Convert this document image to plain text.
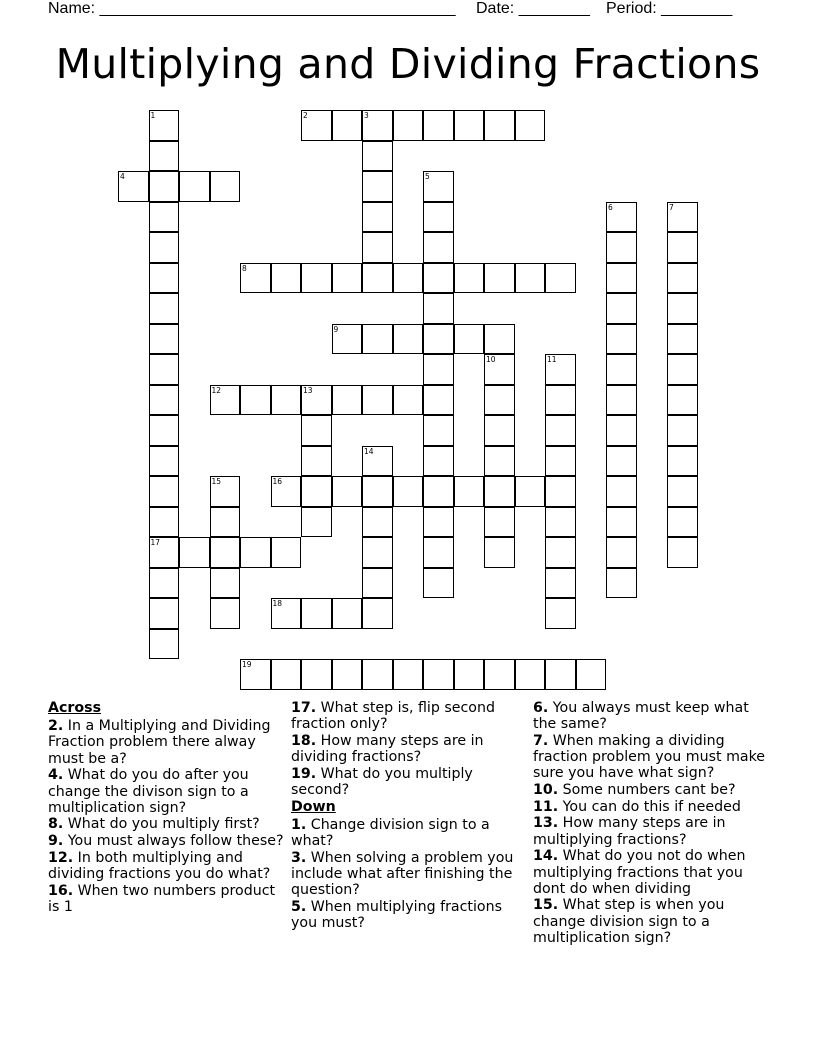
Name: ________________________________________ Date: ________ Period: ________
Multiplying and Dividing Fractions
1	2	3
4	5
6	7
8
9
10	11
12	13
14
15	16
17
18
19
Across
2. In a Multiplying and Dividing Fraction problem there alway must be a?
4. What do you do after you change the divison sign to a multiplication sign?
8. What do you multiply first?
9. You must always follow these?
12. In both multiplying and dividing fractions you do what?
16. When two numbers product is 1
17. What step is, flip second fraction only?
18. How many steps are in dividing fractions?
19. What do you multiply second?
Down
1. Change division sign to a what?
3. When solving a problem you include what after finishing the question?
5. When multiplying fractions you must?
6. You always must keep what the same?
7. When making a dividing fraction problem you must make sure you have what sign?
10. Some numbers cant be?
11. You can do this if needed
13. How many steps are in multiplying fractions?
14. What do you not do when multiplying fractions that you dont do when dividing
15. What step is when you change division sign to a multiplication sign?
